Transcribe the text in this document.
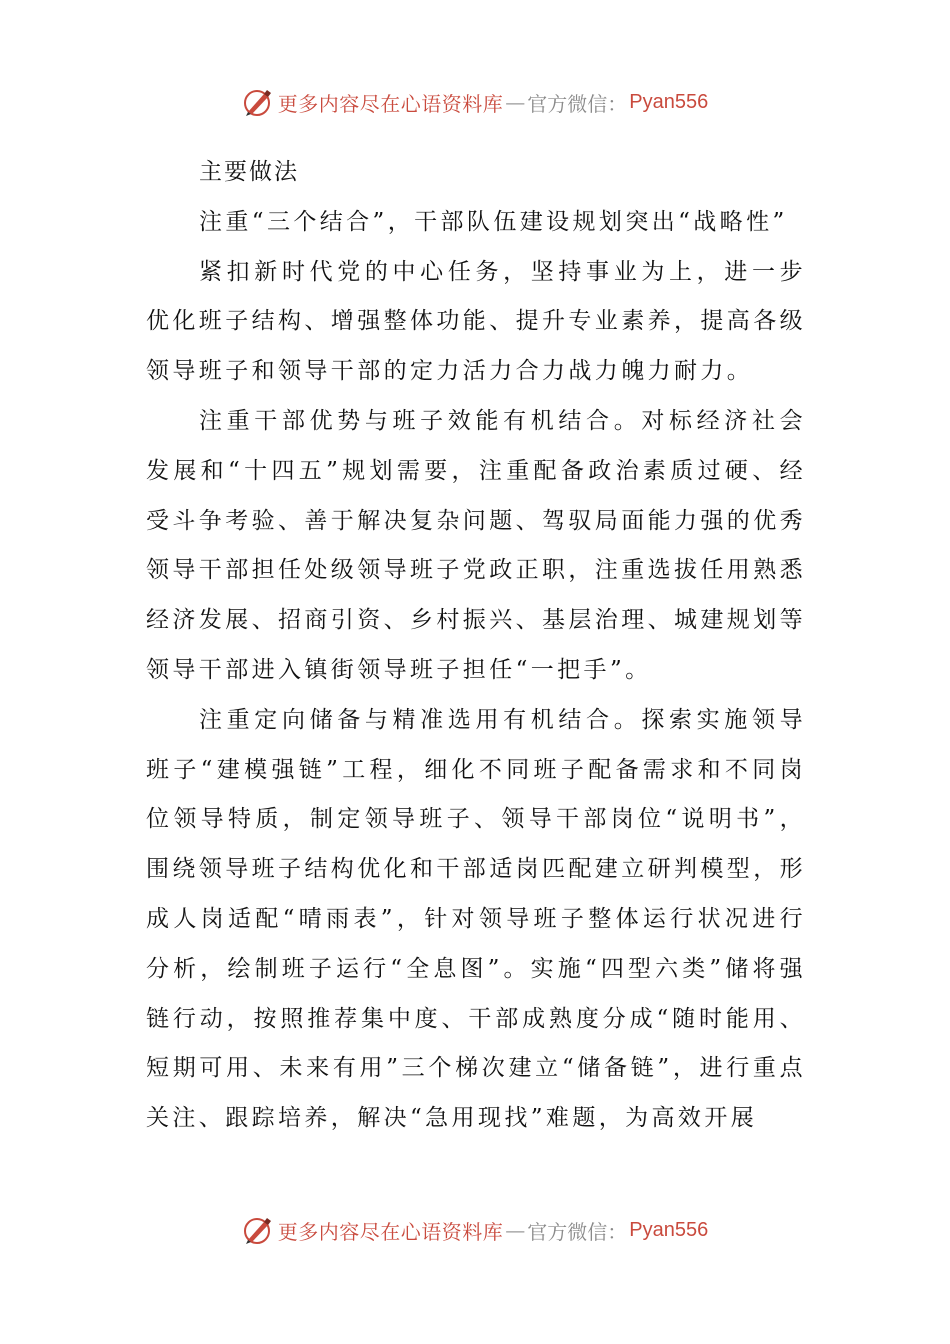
更多内容尽在心语资料库 — 官方微信： Pyan556

主要做法

注重“三个结合”，干部队伍建设规划突出“战略性”

紧扣新时代党的中心任务，坚持事业为上，进一步优化班子结构、增强整体功能、提升专业素养，提高各级领导班子和领导干部的定力活力合力战力魄力耐力。

注重干部优势与班子效能有机结合。对标经济社会发展和“十四五”规划需要，注重配备政治素质过硬、经受斗争考验、善于解决复杂问题、驾驭局面能力强的优秀领导干部担任处级领导班子党政正职，注重选拔任用熟悉经济发展、招商引资、乡村振兴、基层治理、城建规划等领导干部进入镇街领导班子担任“一把手”。

注重定向储备与精准选用有机结合。探索实施领导班子“建模强链”工程，细化不同班子配备需求和不同岗位领导特质，制定领导班子、领导干部岗位“说明书”，围绕领导班子结构优化和干部适岗匹配建立研判模型，形成人岗适配“晴雨表”，针对领导班子整体运行状况进行分析，绘制班子运行“全息图”。实施“四型六类”储将强链行动，按照推荐集中度、干部成熟度分成“随时能用、短期可用、未来有用”三个梯次建立“储备链”，进行重点关注、跟踪培养，解决“急用现找”难题，为高效开展

更多内容尽在心语资料库 — 官方微信： Pyan556
